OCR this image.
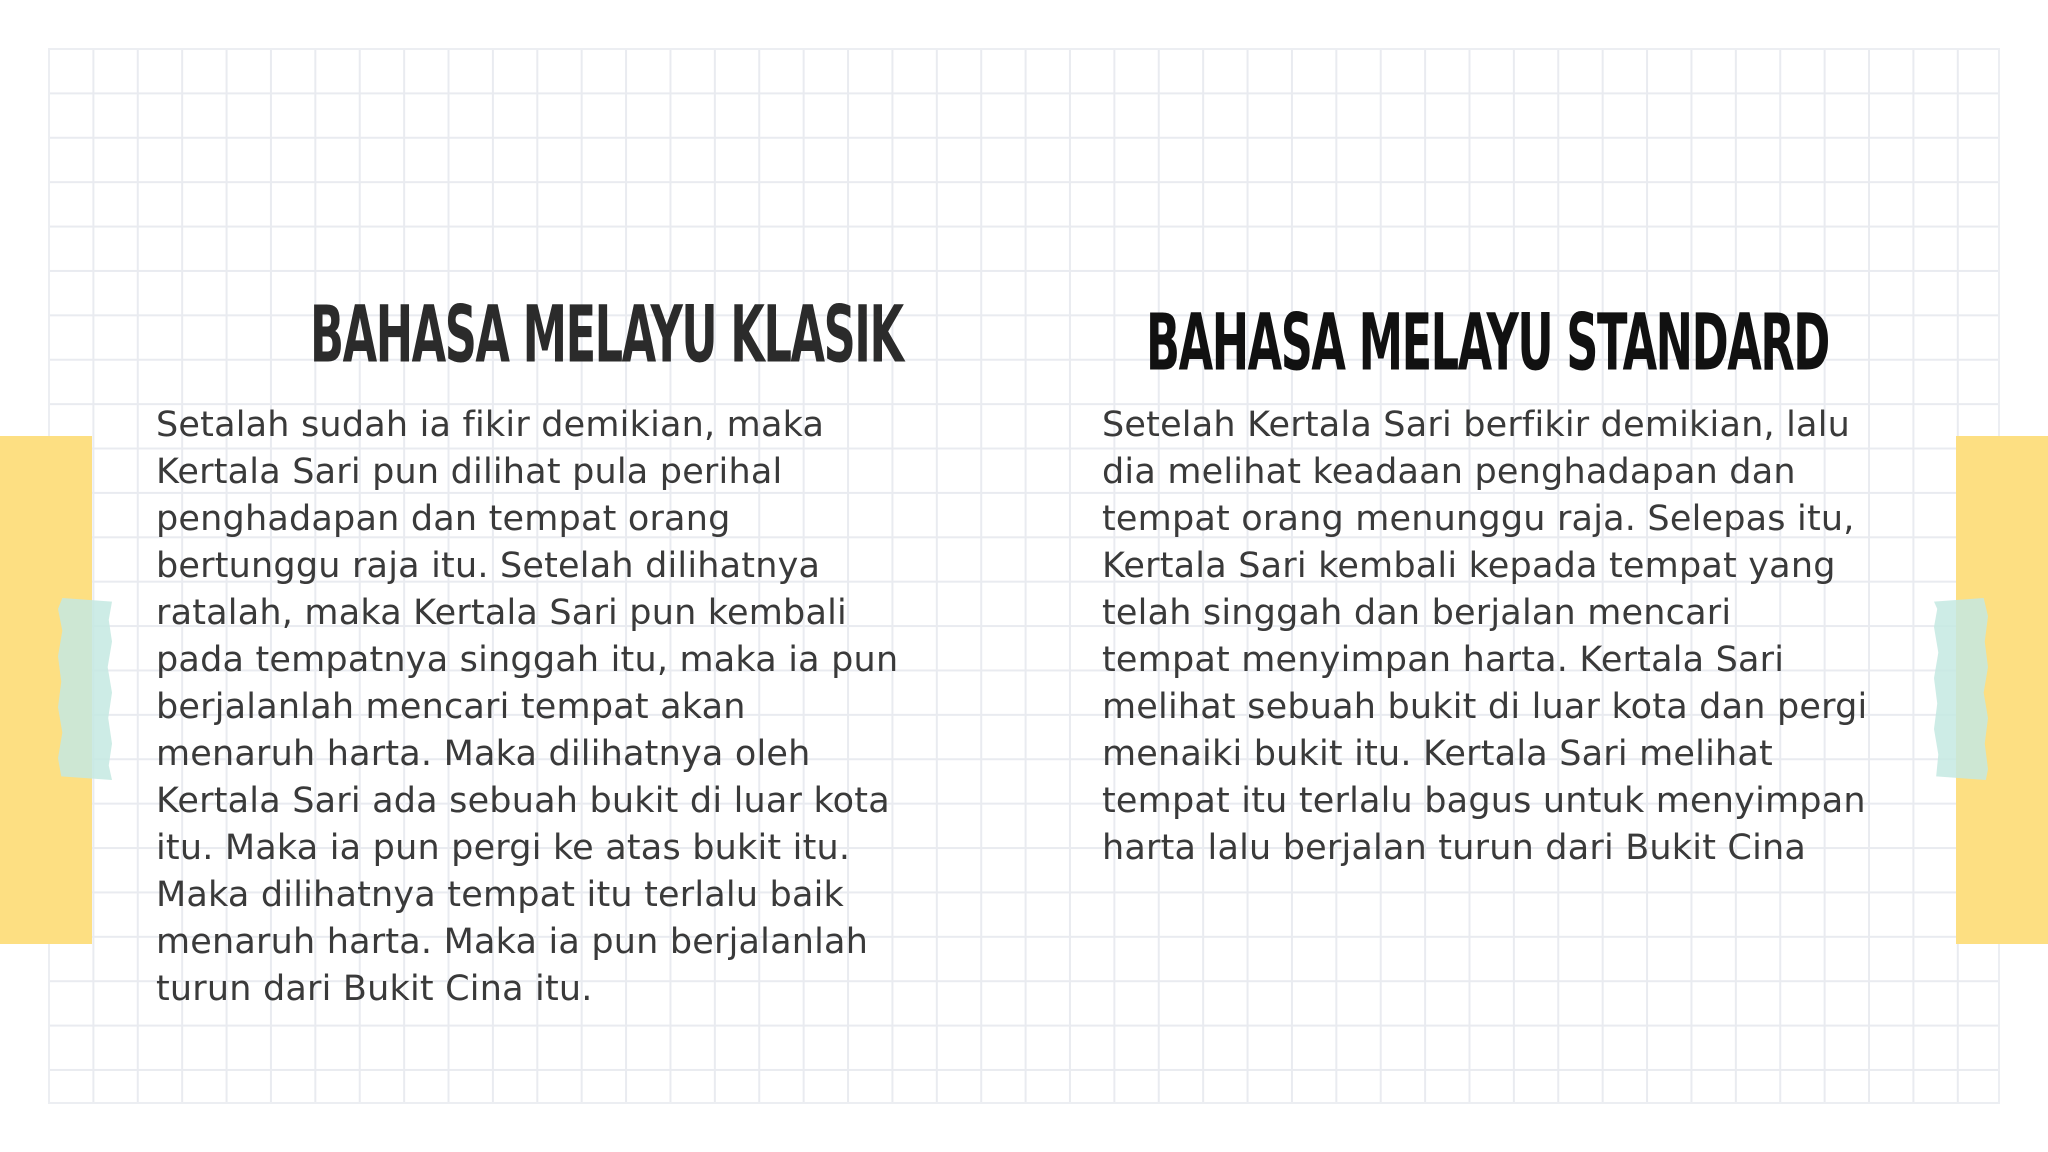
BAHASA MELAYU KLASIK	BAHASA MELAYU STANDARD

Setalah sudah ia fikir demikian, maka
Kertala Sari pun dilihat pula perihal
penghadapan dan tempat orang
bertunggu raja itu. Setelah dilihatnya
ratalah, maka Kertala Sari pun kembali
pada tempatnya singgah itu, maka ia pun
berjalanlah mencari tempat akan
menaruh harta. Maka dilihatnya oleh
Kertala Sari ada sebuah bukit di luar kota
itu. Maka ia pun pergi ke atas bukit itu.
Maka dilihatnya tempat itu terlalu baik
menaruh harta. Maka ia pun berjalanlah
turun dari Bukit Cina itu.

Setelah Kertala Sari berfikir demikian, lalu
dia melihat keadaan penghadapan dan
tempat orang menunggu raja. Selepas itu,
Kertala Sari kembali kepada tempat yang
telah singgah dan berjalan mencari
tempat menyimpan harta. Kertala Sari
melihat sebuah bukit di luar kota dan pergi
menaiki bukit itu. Kertala Sari melihat
tempat itu terlalu bagus untuk menyimpan
harta lalu berjalan turun dari Bukit Cina
